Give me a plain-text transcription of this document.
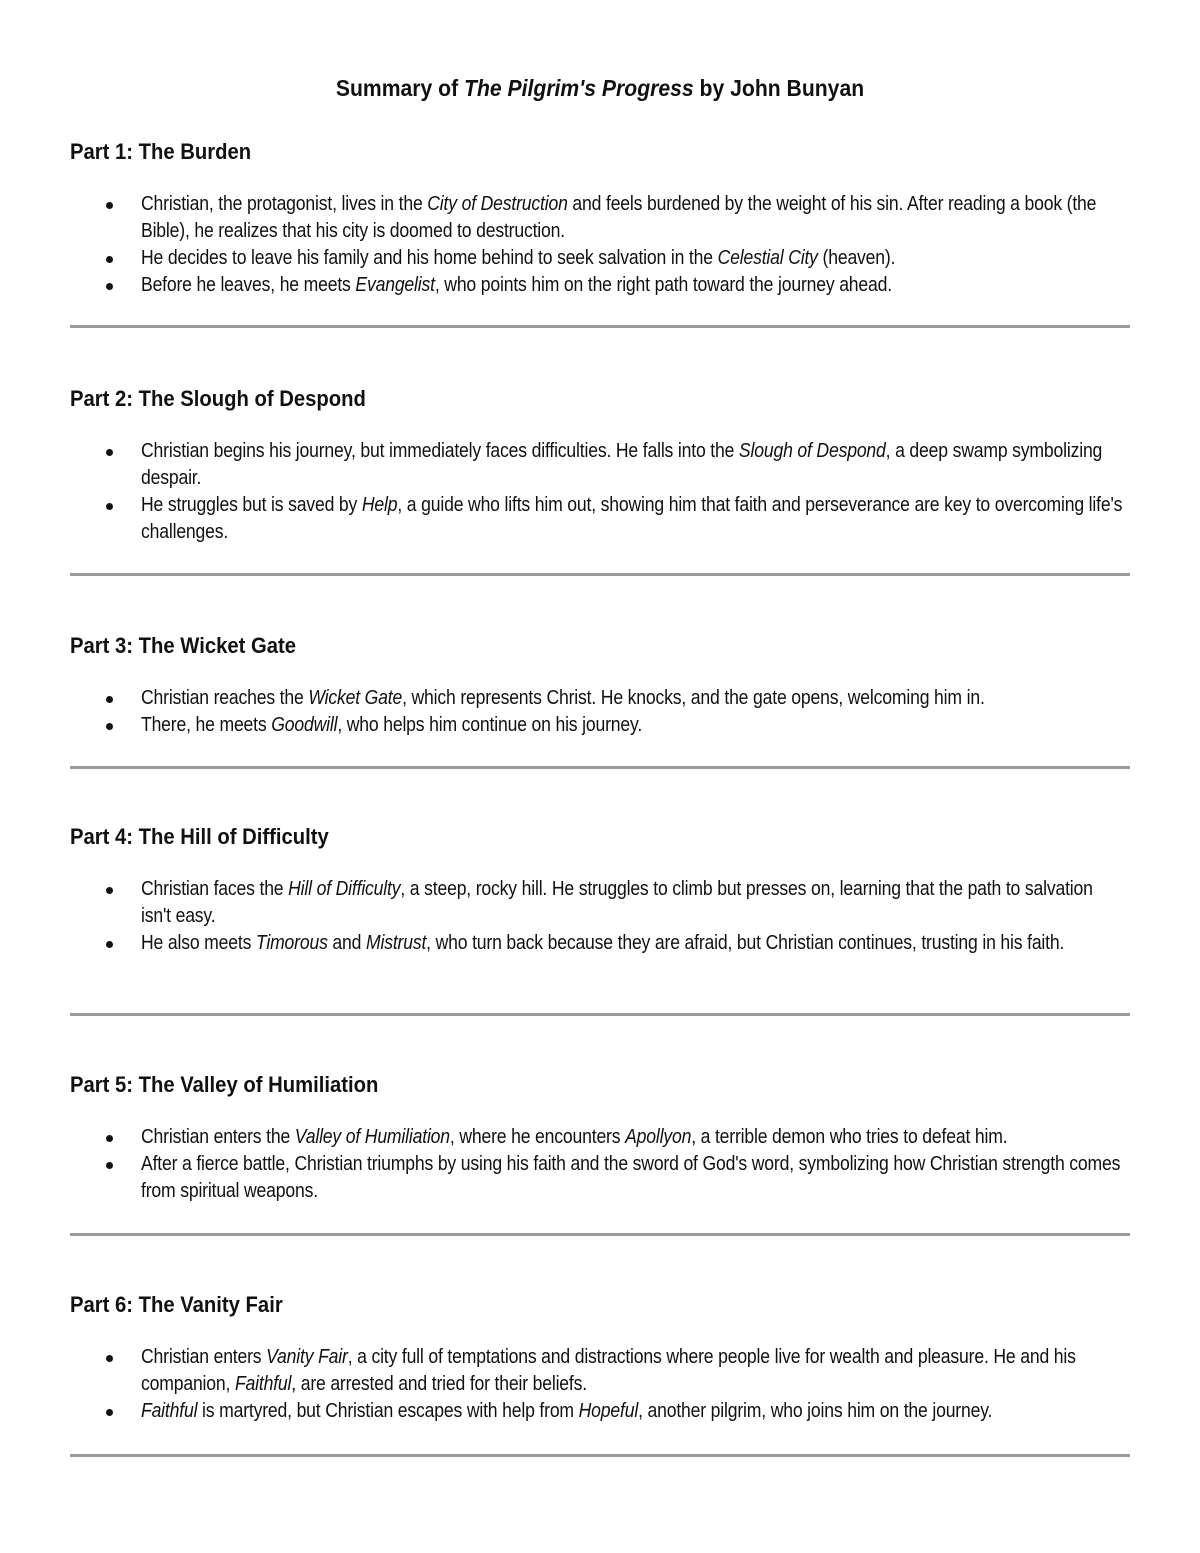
Summary of The Pilgrim's Progress by John Bunyan
Part 1: The Burden
Christian, the protagonist, lives in the City of Destruction and feels burdened by the weight of his sin. After reading a book (the Bible), he realizes that his city is doomed to destruction.
He decides to leave his family and his home behind to seek salvation in the Celestial City (heaven).
Before he leaves, he meets Evangelist, who points him on the right path toward the journey ahead.
Part 2: The Slough of Despond
Christian begins his journey, but immediately faces difficulties. He falls into the Slough of Despond, a deep swamp symbolizing despair.
He struggles but is saved by Help, a guide who lifts him out, showing him that faith and perseverance are key to overcoming life's challenges.
Part 3: The Wicket Gate
Christian reaches the Wicket Gate, which represents Christ. He knocks, and the gate opens, welcoming him in.
There, he meets Goodwill, who helps him continue on his journey.
Part 4: The Hill of Difficulty
Christian faces the Hill of Difficulty, a steep, rocky hill. He struggles to climb but presses on, learning that the path to salvation isn't easy.
He also meets Timorous and Mistrust, who turn back because they are afraid, but Christian continues, trusting in his faith.
Part 5: The Valley of Humiliation
Christian enters the Valley of Humiliation, where he encounters Apollyon, a terrible demon who tries to defeat him.
After a fierce battle, Christian triumphs by using his faith and the sword of God's word, symbolizing how Christian strength comes from spiritual weapons.
Part 6: The Vanity Fair
Christian enters Vanity Fair, a city full of temptations and distractions where people live for wealth and pleasure. He and his companion, Faithful, are arrested and tried for their beliefs.
Faithful is martyred, but Christian escapes with help from Hopeful, another pilgrim, who joins him on the journey.
